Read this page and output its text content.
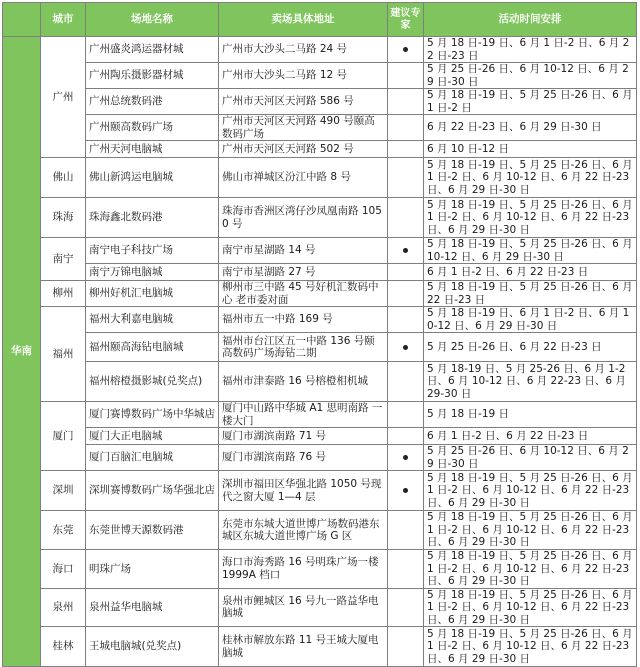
	城市	场地名称	卖场具体地址	建议专家	活动时间安排
华南	广州	广州盛炎鸿运器材城	广州市大沙头二马路 24 号		5 月 18 日-19 日、6 月 1 日-2 日、6 月 22 日-23 日
		广州陶乐摄影器材城	广州市大沙头二马路 12 号		5 月 25 日-26 日、6 月 10-12 日、6 月 29 日-30 日
		广州总统数码港	广州市天河区天河路 586 号		5 月 18 日-19 日、5 月 25 日-26 日、6 月 1 日-2 日
		广州颐高数码广场	广州市天河区天河路 490 号颐高数码广场		6 月 22 日-23 日、6 月 29 日-30 日
		广州天河电脑城	广州市天河区天河路 502 号		6 月 10 日-12 日
	佛山	佛山新鸿运电脑城	佛山市禅城区汾江中路 8 号		5 月 18 日-19 日、5 月 25 日-26 日、6 月 1 日-2 日、6 月 10-12 日、6 月 22 日-23 日、6 月 29 日-30 日
	珠海	珠海鑫北数码港	珠海市香洲区湾仔沙凤凰南路 1050 号		5 月 18 日-19 日、5 月 25 日-26 日、6 月 1 日-2 日、6 月 10-12 日、6 月 22 日-23 日、6 月 29 日-30 日
	南宁	南宁电子科技广场	南宁市星湖路 14 号		5 月 18 日-19 日、5 月 25 日-26 日、6 月 10-12 日、6 月 29 日-30 日
		南宁万锦电脑城	南宁市星湖路 27 号		6 月 1 日-2 日、6 月 22 日-23 日
	柳州	柳州好机汇电脑城	柳州市三中路 45 号好机汇数码中心 老市委对面		5 月 18 日-19 日、5 月 25 日-26 日、6 月 22 日-23 日
	福州	福州大利嘉电脑城	福州市五一中路 169 号		5 月 18 日-19 日、6 月 1 日-2 日、6 月 10-12 日、6 月 29 日-30 日
		福州颐高海钻电脑城	福州市台江区五一中路 136 号颐高数码广场海钻二期		5 月 25 日-26 日、6 月 22 日-23 日
		福州榕橙摄影城(兑奖点)	福州市津泰路 16 号榕橙相机城		5 月 18-19 日、5 月 25-26 日、6 月 1-2 日、6 月 10-12 日、6 月 22-23 日、6 月 29-30 日
	厦门	厦门赛博数码广场中华城店	厦门中山路中华城 A1 思明南路 一楼大门		5 月 18 日-19 日
		厦门大正电脑城	厦门市湖滨南路 71 号		6 月 1 日-2 日、6 月 22 日-23 日
		厦门百脑汇电脑城	厦门市湖滨南路 76 号		5 月 25 日-26 日、6 月 10-12 日、6 月 29 日-30 日
	深圳	深圳赛博数码广场华强北店	深圳市福田区华强北路 1050 号现代之窗大厦 1—4 层		5 月 18 日-19 日、5 月 25 日-26 日、6 月 1 日-2 日、6 月 10-12 日、6 月 22 日-23 日、6 月 29 日-30 日
	东莞	东莞世博天源数码港	东莞市东城大道世博广场数码港东城区东城大道世博广场 G 区		5 月 18 日-19 日、5 月 25 日-26 日、6 月 1 日-2 日、6 月 10-12 日、6 月 22 日-23 日、6 月 29 日-30 日
	海口	明珠广场	海口市海秀路 16 号明珠广场一楼 1999A 档口		5 月 18 日-19 日、5 月 25 日-26 日、6 月 1 日-2 日、6 月 10-12 日、6 月 22 日-23 日、6 月 29 日-30 日
	泉州	泉州益华电脑城	泉州市鲤城区 16 号九一路益华电脑城		5 月 18 日-19 日、5 月 25 日-26 日、6 月 1 日-2 日、6 月 10-12 日、6 月 22 日-23 日、6 月 29 日-30 日
	桂林	王城电脑城(兑奖点)	桂林市解放东路 11 号王城大厦电脑城		5 月 18 日-19 日、5 月 25 日-26 日、6 月 1 日-2 日、6 月 10-12 日、6 月 22 日-23 日、6 月 29 日-30 日
